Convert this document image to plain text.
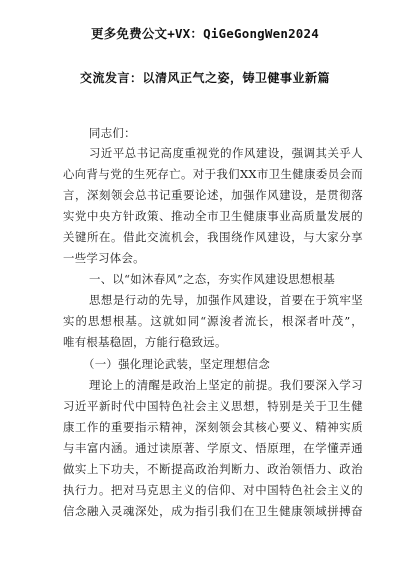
更多免费公文+VX：QiGeGongWen2024
交流发言：以清风正气之姿，铸卫健事业新篇
同志们：
习近平总书记高度重视党的作风建设，强调其关乎人
心向背与党的生死存亡。对于我们XX市卫生健康委员会而
言，深刻领会总书记重要论述，加强作风建设，是贯彻落
实党中央方针政策、推动全市卫生健康事业高质量发展的
关键所在。借此交流机会，我围绕作风建设，与大家分享
一些学习体会。
一、以“如沐春风”之态，夯实作风建设思想根基
思想是行动的先导，加强作风建设，首要在于筑牢坚
实的思想根基。这就如同“源浚者流长，根深者叶茂”，
唯有根基稳固，方能行稳致远。
（一）强化理论武装，坚定理想信念
理论上的清醒是政治上坚定的前提。我们要深入学习
习近平新时代中国特色社会主义思想，特别是关于卫生健
康工作的重要指示精神，深刻领会其核心要义、精神实质
与丰富内涵。通过读原著、学原文、悟原理，在学懂弄通
做实上下功夫，不断提高政治判断力、政治领悟力、政治
执行力。把对马克思主义的信仰、对中国特色社会主义的
信念融入灵魂深处，成为指引我们在卫生健康领域拼搏奋
